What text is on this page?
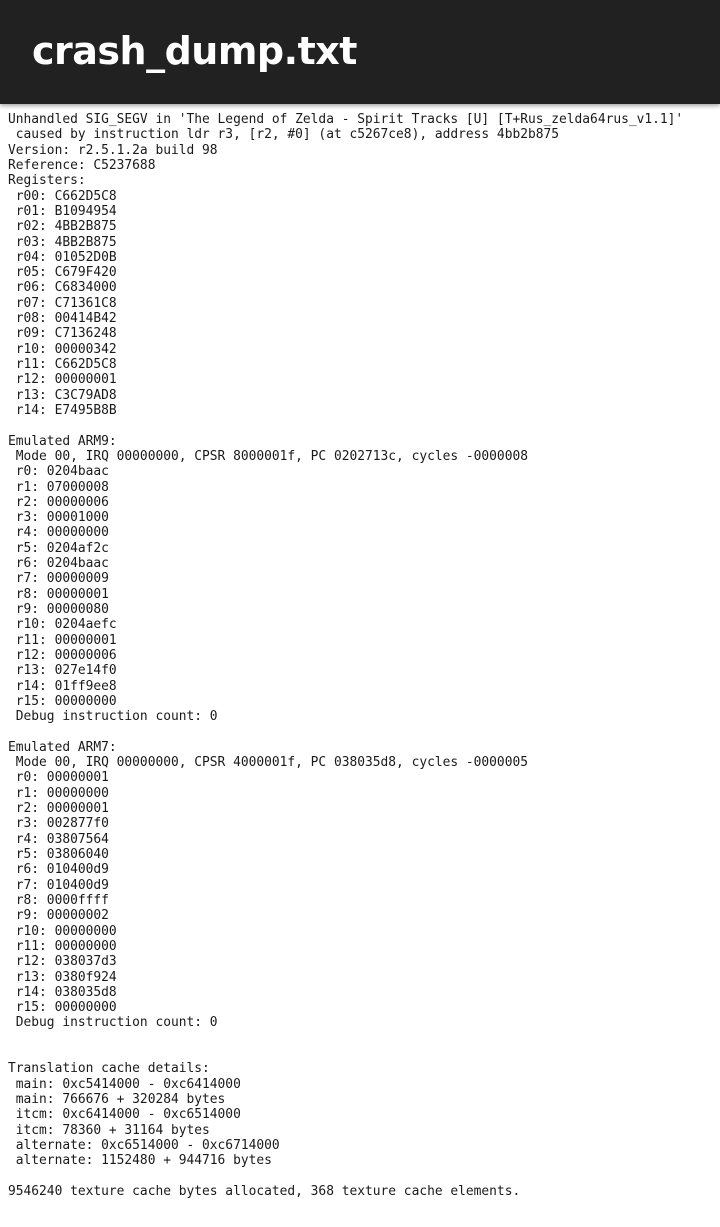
crash_dump.txt
Unhandled SIG_SEGV in 'The Legend of Zelda - Spirit Tracks [U] [T+Rus_zelda64rus_v1.1]'
caused by instruction ldr r3, [r2, #0] (at c5267ce8), address 4bb2b875
Version: r2.5.1.2a build 98
Reference: C5237688
Registers:
r00: C662D5C8
r01: B1094954
r02: 4BB2B875
r03: 4BB2B875
r04: 01052D0B
r05: C679F420
r06: C6834000
r07: C71361C8
r08: 00414B42
r09: C7136248
r10: 00000342
r11: C662D5C8
r12: 00000001
r13: C3C79AD8
r14: E7495B8B

Emulated ARM9:
Mode 00, IRQ 00000000, CPSR 8000001f, PC 0202713c, cycles -0000008
r0: 0204baac
r1: 07000008
r2: 00000006
r3: 00001000
r4: 00000000
r5: 0204af2c
r6: 0204baac
r7: 00000009
r8: 00000001
r9: 00000080
r10: 0204aefc
r11: 00000001
r12: 00000006
r13: 027e14f0
r14: 01ff9ee8
r15: 00000000
Debug instruction count: 0

Emulated ARM7:
Mode 00, IRQ 00000000, CPSR 4000001f, PC 038035d8, cycles -0000005
r0: 00000001
r1: 00000000
r2: 00000001
r3: 002877f0
r4: 03807564
r5: 03806040
r6: 010400d9
r7: 010400d9
r8: 0000ffff
r9: 00000002
r10: 00000000
r11: 00000000
r12: 038037d3
r13: 0380f924
r14: 038035d8
r15: 00000000
Debug instruction count: 0

Translation cache details:
main: 0xc5414000 - 0xc6414000
main: 766676 + 320284 bytes
itcm: 0xc6414000 - 0xc6514000
itcm: 78360 + 31164 bytes
alternate: 0xc6514000 - 0xc6714000
alternate: 1152480 + 944716 bytes

9546240 texture cache bytes allocated, 368 texture cache elements.
